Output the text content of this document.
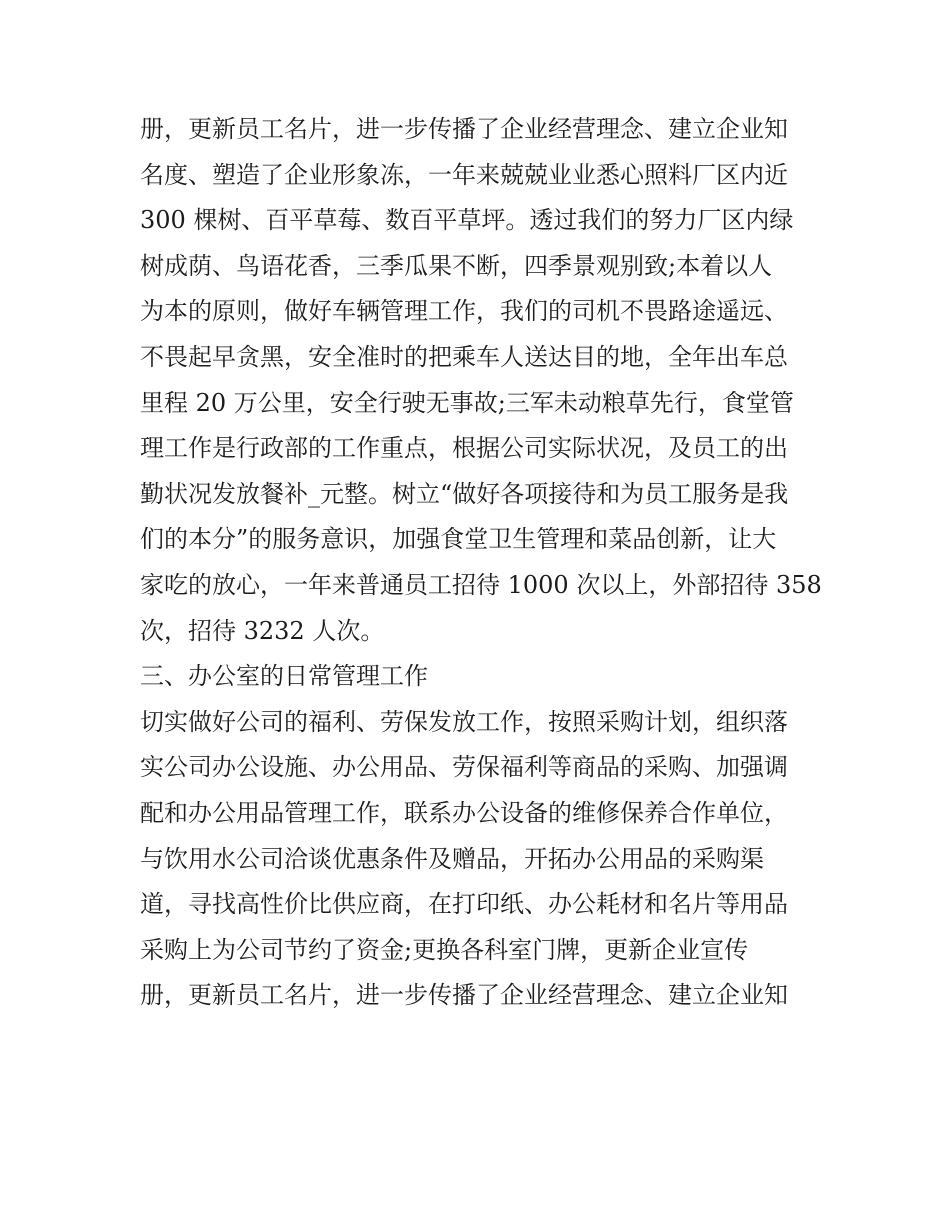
册，更新员工名片，进一步传播了企业经营理念、建立企业知
名度、塑造了企业形象冻，一年来兢兢业业悉心照料厂区内近
300 棵树、百平草莓、数百平草坪。透过我们的努力厂区内绿
树成荫、鸟语花香，三季瓜果不断，四季景观别致;本着以人
为本的原则，做好车辆管理工作，我们的司机不畏路途遥远、
不畏起早贪黑，安全准时的把乘车人送达目的地，全年出车总
里程 20 万公里，安全行驶无事故;三军未动粮草先行，食堂管
理工作是行政部的工作重点，根据公司实际状况，及员工的出
勤状况发放餐补_元整。树立“做好各项接待和为员工服务是我
们的本分”的服务意识，加强食堂卫生管理和菜品创新，让大
家吃的放心，一年来普通员工招待 1000 次以上，外部招待 358
次，招待 3232 人次。
三、办公室的日常管理工作
切实做好公司的福利、劳保发放工作，按照采购计划，组织落
实公司办公设施、办公用品、劳保福利等商品的采购、加强调
配和办公用品管理工作，联系办公设备的维修保养合作单位，
与饮用水公司洽谈优惠条件及赠品，开拓办公用品的采购渠
道，寻找高性价比供应商，在打印纸、办公耗材和名片等用品
采购上为公司节约了资金;更换各科室门牌，更新企业宣传
册，更新员工名片，进一步传播了企业经营理念、建立企业知
